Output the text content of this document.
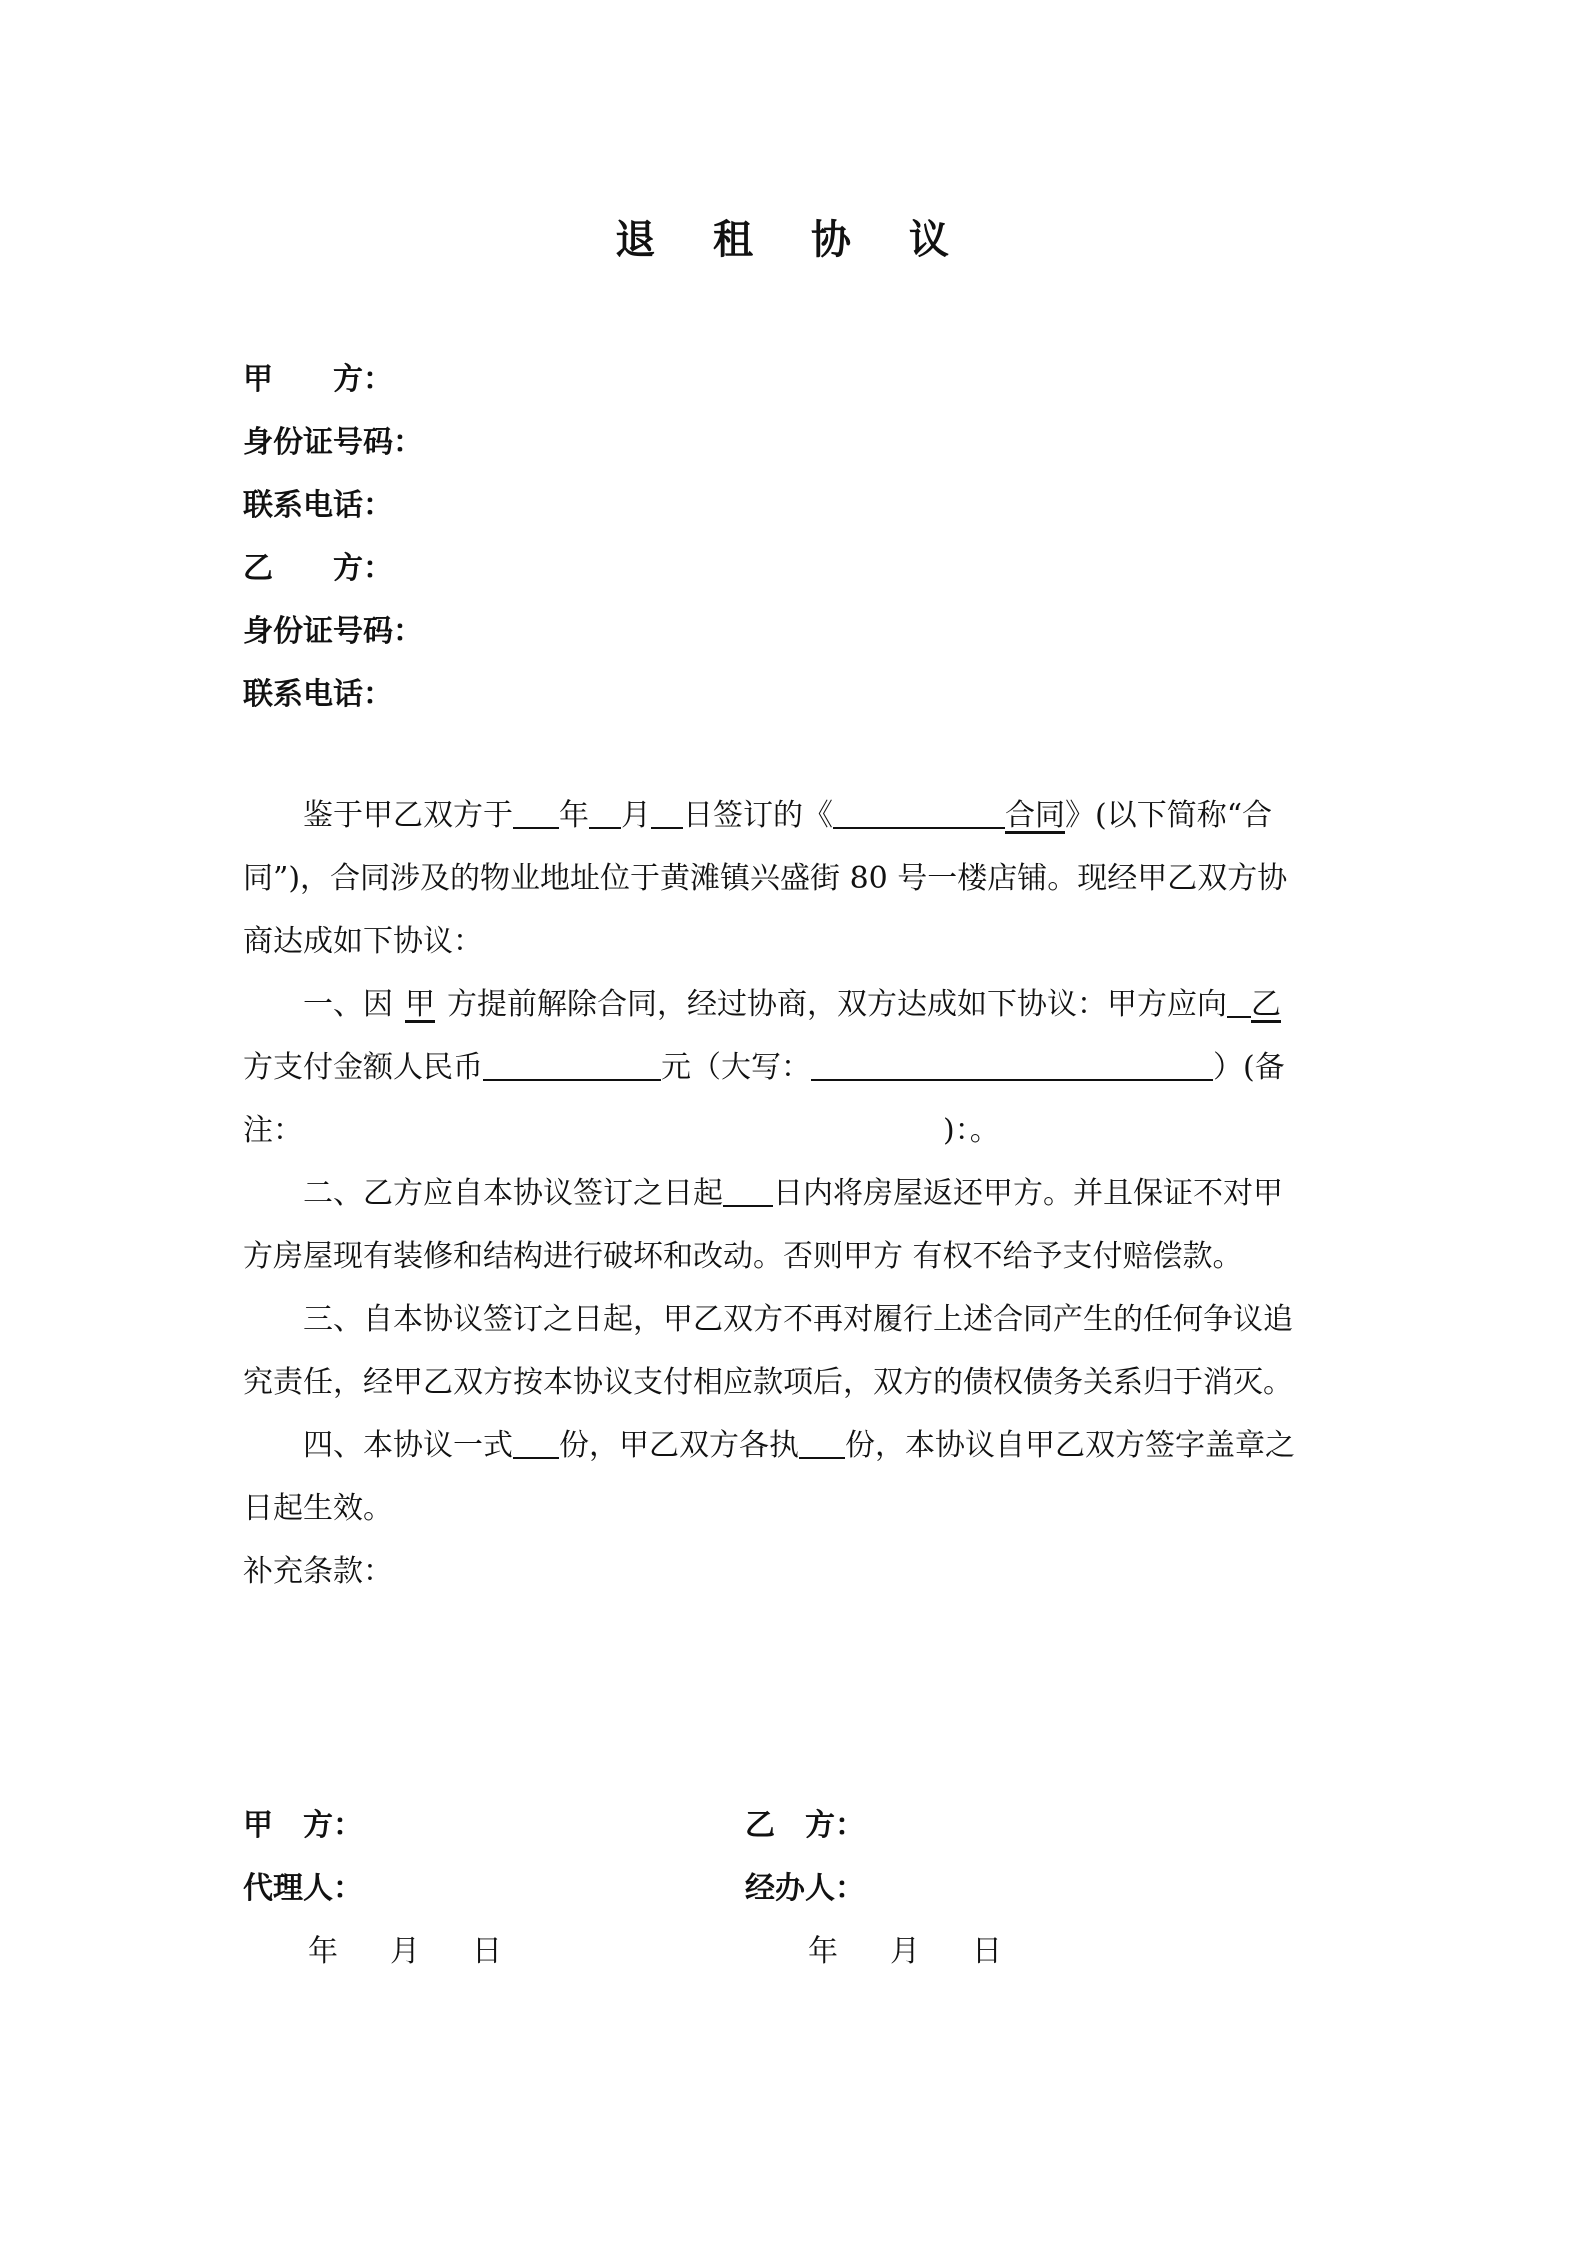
退 租 协 议
甲　　方：
身份证号码：
联系电话：
乙　　方：
身份证号码：
联系电话：
鉴于甲乙双方于 年 月 日签订的《	合同》(以下简称“合
同”)，合同涉及的物业地址位于黄滩镇兴盛街 80 号一楼店铺。现经甲乙双方协
商达成如下协议：
一、因 甲 方提前解除合同，经过协商，双方达成如下协议：甲方应向 乙
方支付金额人民币	元（大写：	）(备
注：	)：。
二、乙方应自本协议签订之日起 日内将房屋返还甲方。并且保证不对甲
方房屋现有装修和结构进行破坏和改动。否则甲方 有权不给予支付赔偿款。
三、自本协议签订之日起，甲乙双方不再对履行上述合同产生的任何争议追
究责任，经甲乙双方按本协议支付相应款项后，双方的债权债务关系归于消灭。
四、本协议一式 份，甲乙双方各执 份，本协议自甲乙双方签字盖章之
日起生效。
补充条款：
甲　方：	乙　方：
代理人：	经办人：
年 月 日	年 月 日
